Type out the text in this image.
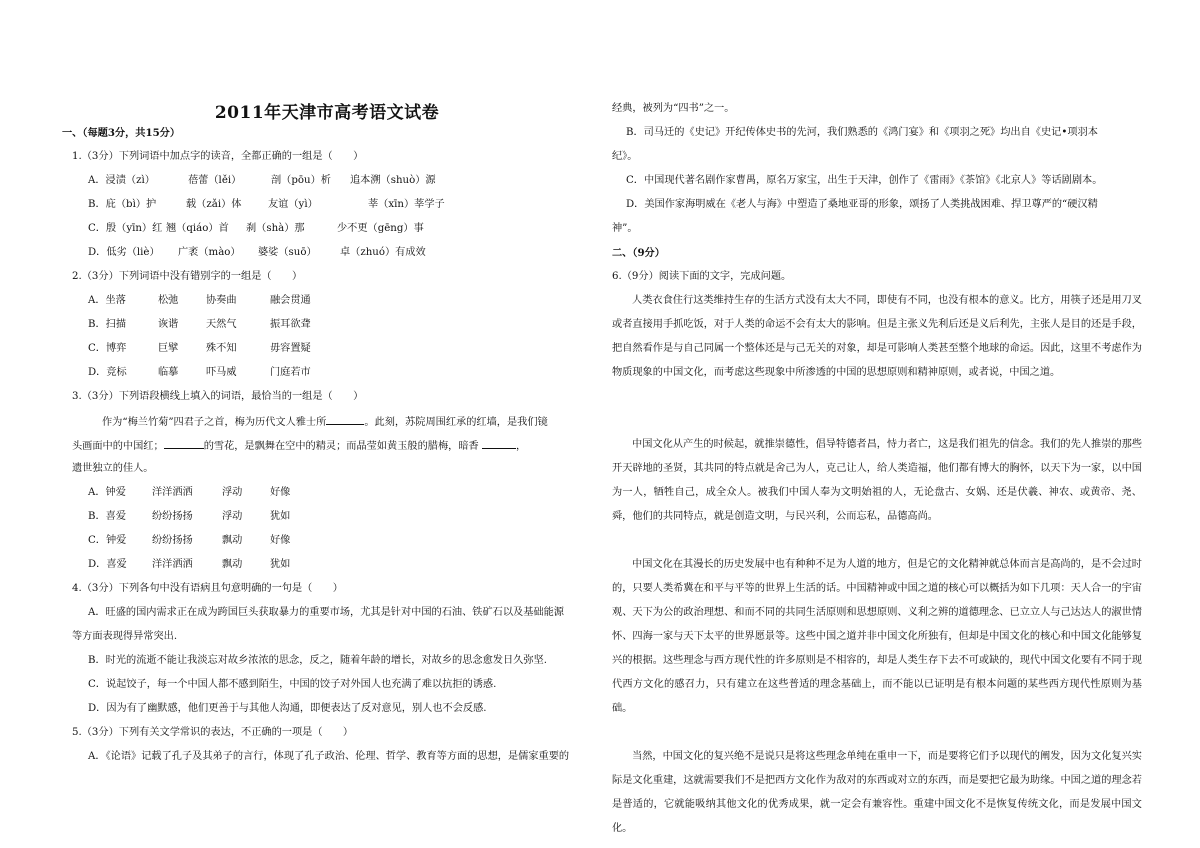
2011年天津市高考语文试卷
一、（每题3分，共15分）
1.（3分）下列词语中加点字的读音，全都正确的一组是（　　）
A．浸渍（zì）	蓓蕾（lěi）	剖（pōu）析 追本溯（shuò）源
B．庇（bì）护	载（zǎi）体	友谊（yì）	莘（xīn）莘学子
C．殷（yīn）红 翘（qiáo）首 刹（shà）那	少不更（gēng）事
D．低劣（liè） 广袤（mào） 婆娑（suō） 卓（zhuó）有成效
2.（3分）下列词语中没有错别字的一组是（　　）
A．坐落	松弛	协奏曲	融会贯通
B．扫描	诙谐	天然气	振耳欲聋
C．博弈	巨擘	殊不知	毋容置疑
D．竞标	临摹	吓马威	门庭若市
3.（3分）下列语段横线上填入的词语，最恰当的一组是（　　）
作为“梅兰竹菊”四君子之首，梅为历代文人雅士所	。此刻，苏院周围红承的红墙，是我们镜
头画面中的中国红；	的雪花，是飘舞在空中的精灵；而晶莹如黄玉般的腊梅，暗香	，
遗世独立的佳人。
A．钟爱	洋洋洒洒	浮动	好像
B．喜爱	纷纷扬扬	浮动	犹如
C．钟爱	纷纷扬扬	飘动	好像
D．喜爱 洋洋洒洒	飘动	犹如
4.（3分）下列各句中没有语病且句意明确的一句是（　　）
A．旺盛的国内需求正在成为跨国巨头获取暴力的重要市场，尤其是针对中国的石油、铁矿石以及基础能源
等方面表现得异常突出.
B．时光的流逝不能让我淡忘对故乡浓浓的思念，反之，随着年龄的增长，对故乡的思念愈发日久弥坚.
C．说起饺子，每一个中国人都不感到陌生，中国的饺子对外国人也充满了难以抗拒的诱惑.
D．因为有了幽默感，他们更善于与其他人沟通，即便表达了反对意见，别人也不会反感.
5.（3分）下列有关文学常识的表达，不正确的一项是（　　）
A．《论语》记载了孔子及其弟子的言行，体现了孔子政治、伦理、哲学、教育等方面的思想，是儒家重要的
经典，被列为“四书”之一。
B．司马迁的《史记》开纪传体史书的先河，我们熟悉的《鸿门宴》和《项羽之死》均出自《史记•项羽本
纪》。
C．中国现代著名剧作家曹禺，原名万家宝，出生于天津，创作了《雷雨》《茶馆》《北京人》等话剧剧本。
D．美国作家海明威在《老人与海》中塑造了桑地亚哥的形象，颂扬了人类挑战困难、捍卫尊严的“硬汉精
神”。
二、（9分）
6.（9分）阅读下面的文字，完成问题。
人类衣食住行这类维持生存的生活方式没有太大不同，即使有不同，也没有根本的意义。比方，用筷子还是用刀叉或者直接用手抓吃饭，对于人类的命运不会有太大的影响。但是主张义先利后还是义后利先，主张人是目的还是手段，把自然看作是与自己同属一个整体还是与己无关的对象，却是可影响人类甚至整个地球的命运。因此，这里不考虑作为物质现象的中国文化，而考虑这些现象中所渗透的中国的思想原则和精神原则，或者说，中国之道。
中国文化从产生的时候起，就推崇德性，倡导特德者昌，恃力者亡，这是我们祖先的信念。我们的先人推崇的那些开天辟地的圣贤，其共同的特点就是舍己为人，克己让人，给人类造福，他们都有博大的胸怀，以天下为一家，以中国为一人，牺牲自己，成全众人。被我们中国人奉为文明始祖的人，无论盘古、女娲、还是伏羲、神农、或黄帝、尧、舜，他们的共同特点，就是创造文明，与民兴利，公而忘私，品德高尚。
中国文化在其漫长的历史发展中也有种种不足为人道的地方，但是它的文化精神就总体而言是高尚的，是不会过时的，只要人类希冀在和平与平等的世界上生活的话。中国精神或中国之道的核心可以概括为如下几项：天人合一的宇宙观、天下为公的政治理想、和而不同的共同生活原则和思想原则、义利之辨的道德理念、已立立人与己达达人的淑世情怀、四海一家与天下太平的世界愿景等。这些中国之道并非中国文化所独有，但却是中国文化的核心和中国文化能够复兴的根据。这些理念与西方现代性的许多原则是不相容的，却是人类生存下去不可或缺的，现代中国文化要有不同于现代西方文化的感召力，只有建立在这些普适的理念基础上，而不能以已证明是有根本问题的某些西方现代性原则为基础。
当然，中国文化的复兴绝不是说只是将这些理念单纯在重申一下，而是要将它们予以现代的阐发，因为文化复兴实际是文化重建，这就需要我们不是把西方文化作为敌对的东西或对立的东西，而是要把它最为助缘。中国之道的理念若是普适的，它就能吸纳其他文化的优秀成果，就一定会有兼容性。重建中国文化不是恢复传统文化，而是发展中国文化。
